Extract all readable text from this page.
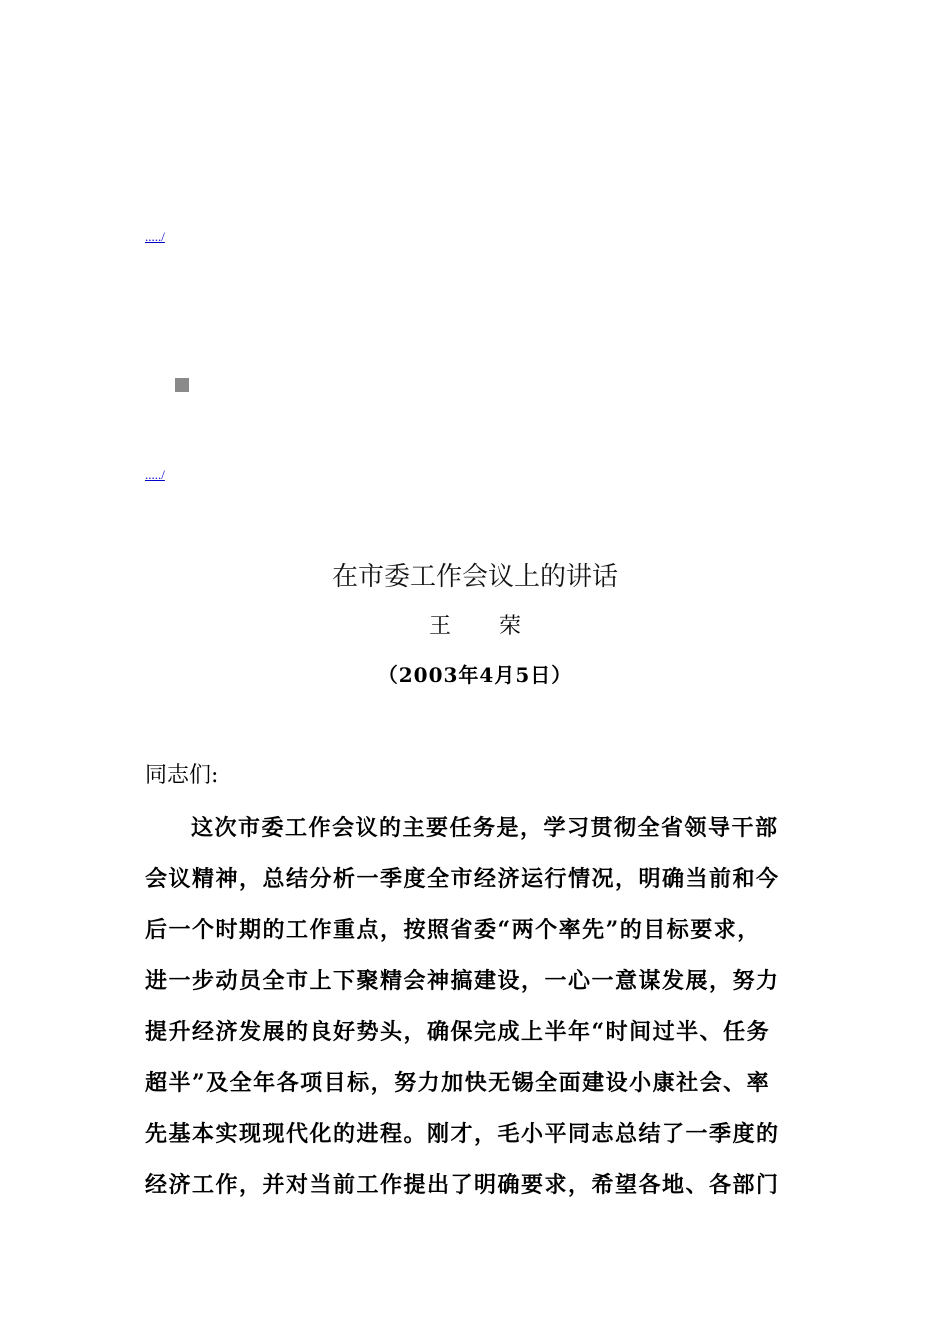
...../
...../
在市委工作会议上的讲话
王 荣
（2003年4月5日）
同志们:
这次市委工作会议的主要任务是，学习贯彻全省领导干部
会议精神，总结分析一季度全市经济运行情况，明确当前和今
后一个时期的工作重点，按照省委“两个率先”的目标要求，
进一步动员全市上下聚精会神搞建设，一心一意谋发展，努力
提升经济发展的良好势头，确保完成上半年“时间过半、任务
超半”及全年各项目标，努力加快无锡全面建设小康社会、率
先基本实现现代化的进程。刚才，毛小平同志总结了一季度的
经济工作，并对当前工作提出了明确要求，希望各地、各部门
